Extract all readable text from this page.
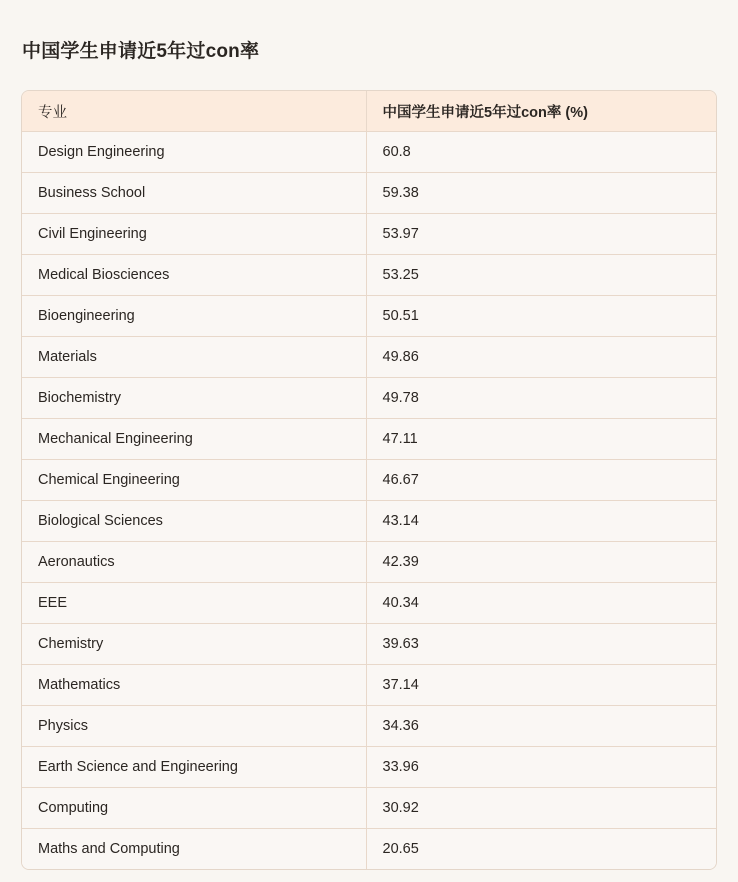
中国学生申请近5年过con率
专业	中国学生申请近5年过con率 (%)
Design Engineering	60.8
Business School	59.38
Civil Engineering	53.97
Medical Biosciences	53.25
Bioengineering	50.51
Materials	49.86
Biochemistry	49.78
Mechanical Engineering	47.11
Chemical Engineering	46.67
Biological Sciences	43.14
Aeronautics	42.39
EEE	40.34
Chemistry	39.63
Mathematics	37.14
Physics	34.36
Earth Science and Engineering	33.96
Computing	30.92
Maths and Computing	20.65
